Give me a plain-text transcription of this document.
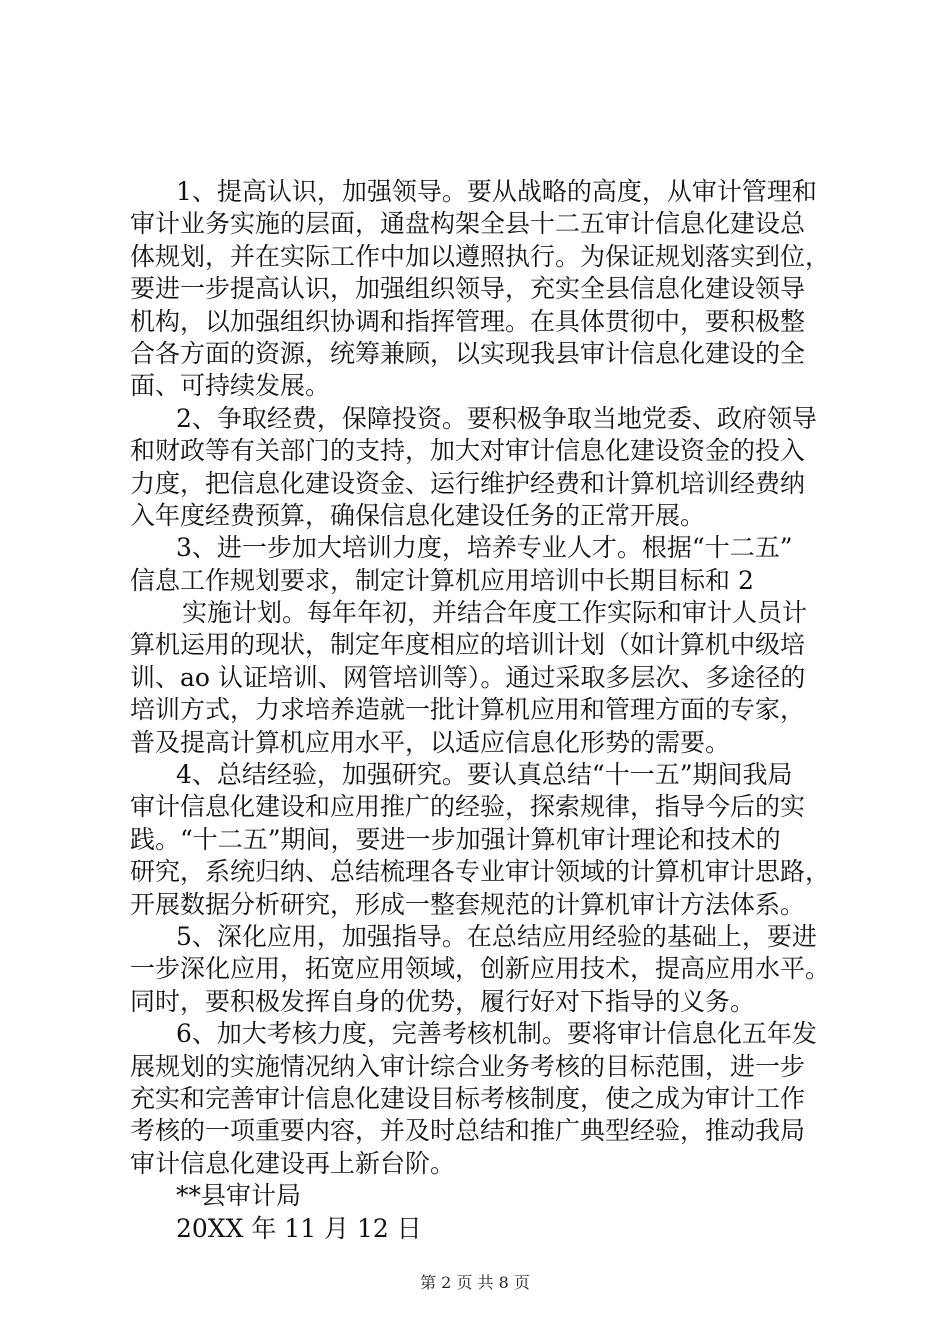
1、提高认识，加强领导。要从战略的高度，从审计管理和
审计业务实施的层面，通盘构架全县十二五审计信息化建设总
体规划，并在实际工作中加以遵照执行。为保证规划落实到位，
要进一步提高认识，加强组织领导，充实全县信息化建设领导
机构，以加强组织协调和指挥管理。在具体贯彻中，要积极整
合各方面的资源，统筹兼顾，以实现我县审计信息化建设的全
面、可持续发展。
2、争取经费，保障投资。要积极争取当地党委、政府领导
和财政等有关部门的支持，加大对审计信息化建设资金的投入
力度，把信息化建设资金、运行维护经费和计算机培训经费纳
入年度经费预算，确保信息化建设任务的正常开展。
3、进一步加大培训力度，培养专业人才。根据“十二五”
信息工作规划要求，制定计算机应用培训中长期目标和 2
实施计划。每年年初，并结合年度工作实际和审计人员计
算机运用的现状，制定年度相应的培训计划（如计算机中级培
训、ao 认证培训、网管培训等）。通过采取多层次、多途径的
培训方式，力求培养造就一批计算机应用和管理方面的专家，
普及提高计算机应用水平，以适应信息化形势的需要。
4、总结经验，加强研究。要认真总结“十一五”期间我局
审计信息化建设和应用推广的经验，探索规律，指导今后的实
践。“十二五”期间，要进一步加强计算机审计理论和技术的
研究，系统归纳、总结梳理各专业审计领域的计算机审计思路，
开展数据分析研究，形成一整套规范的计算机审计方法体系。
5、深化应用，加强指导。在总结应用经验的基础上，要进
一步深化应用，拓宽应用领域，创新应用技术，提高应用水平。
同时，要积极发挥自身的优势，履行好对下指导的义务。
6、加大考核力度，完善考核机制。要将审计信息化五年发
展规划的实施情况纳入审计综合业务考核的目标范围，进一步
充实和完善审计信息化建设目标考核制度，使之成为审计工作
考核的一项重要内容，并及时总结和推广典型经验，推动我局
审计信息化建设再上新台阶。
**县审计局
20XX 年 11 月 12 日
第 2 页 共 8 页
